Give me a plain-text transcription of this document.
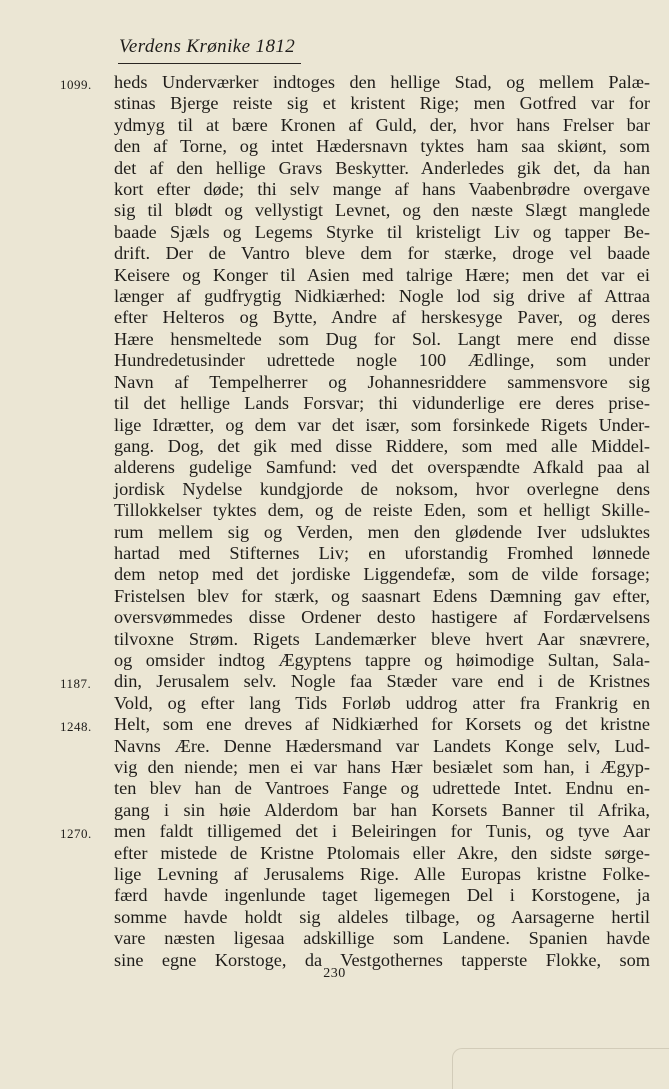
Verdens Krønike 1812
1099. heds Underværker indtoges den hellige Stad, og mellem Palæ-
stinas Bjerge reiste sig et kristent Rige; men Gotfred var for
ydmyg til at bære Kronen af Guld, der, hvor hans Frelser bar
den af Torne, og intet Hædersnavn tyktes ham saa skiønt, som
det af den hellige Gravs Beskytter. Anderledes gik det, da han
kort efter døde; thi selv mange af hans Vaabenbrødre overgave
sig til blødt og vellystigt Levnet, og den næste Slægt manglede
baade Sjæls og Legems Styrke til kristeligt Liv og tapper Be-
drift. Der de Vantro bleve dem for stærke, droge vel baade
Keisere og Konger til Asien med talrige Hære; men det var ei
længer af gudfrygtig Nidkiærhed: Nogle lod sig drive af Attraa
efter Helteros og Bytte, Andre af herskesyge Paver, og deres
Hære hensmeltede som Dug for Sol. Langt mere end disse
Hundredetusinder udrettede nogle 100 Ædlinge, som under
Navn af Tempelherrer og Johannesriddere sammensvore sig
til det hellige Lands Forsvar; thi vidunderlige ere deres prise-
lige Idrætter, og dem var det især, som forsinkede Rigets Under-
gang. Dog, det gik med disse Riddere, som med alle Middel-
alderens gudelige Samfund: ved det overspændte Afkald paa al
jordisk Nydelse kundgjorde de noksom, hvor overlegne dens
Tillokkelser tyktes dem, og de reiste Eden, som et helligt Skille-
rum mellem sig og Verden, men den glødende Iver udsluktes
hartad med Stifternes Liv; en uforstandig Fromhed lønnede
dem netop med det jordiske Liggendefæ, som de vilde forsage;
Fristelsen blev for stærk, og saasnart Edens Dæmning gav efter,
oversvømmedes disse Ordener desto hastigere af Fordærvelsens
tilvoxne Strøm. Rigets Landemærker bleve hvert Aar snævrere,
og omsider indtog Ægyptens tappre og høimodige Sultan, Sala-
1187. din, Jerusalem selv. Nogle faa Stæder vare end i de Kristnes
Vold, og efter lang Tids Forløb uddrog atter fra Frankrig en
1248. Helt, som ene dreves af Nidkiærhed for Korsets og det kristne
Navns Ære. Denne Hædersmand var Landets Konge selv, Lud-
vig den niende; men ei var hans Hær besiælet som han, i Ægyp-
ten blev han de Vantroes Fange og udrettede Intet. Endnu en-
gang i sin høie Alderdom bar han Korsets Banner til Afrika,
1270. men faldt tilligemed det i Beleiringen for Tunis, og tyve Aar
efter mistede de Kristne Ptolomais eller Akre, den sidste sørge-
lige Levning af Jerusalems Rige. Alle Europas kristne Folke-
færd havde ingenlunde taget ligemegen Del i Korstogene, ja
somme havde holdt sig aldeles tilbage, og Aarsagerne hertil
vare næsten ligesaa adskillige som Landene. Spanien havde
sine egne Korstoge, da Vestgothernes tapperste Flokke, som
230
